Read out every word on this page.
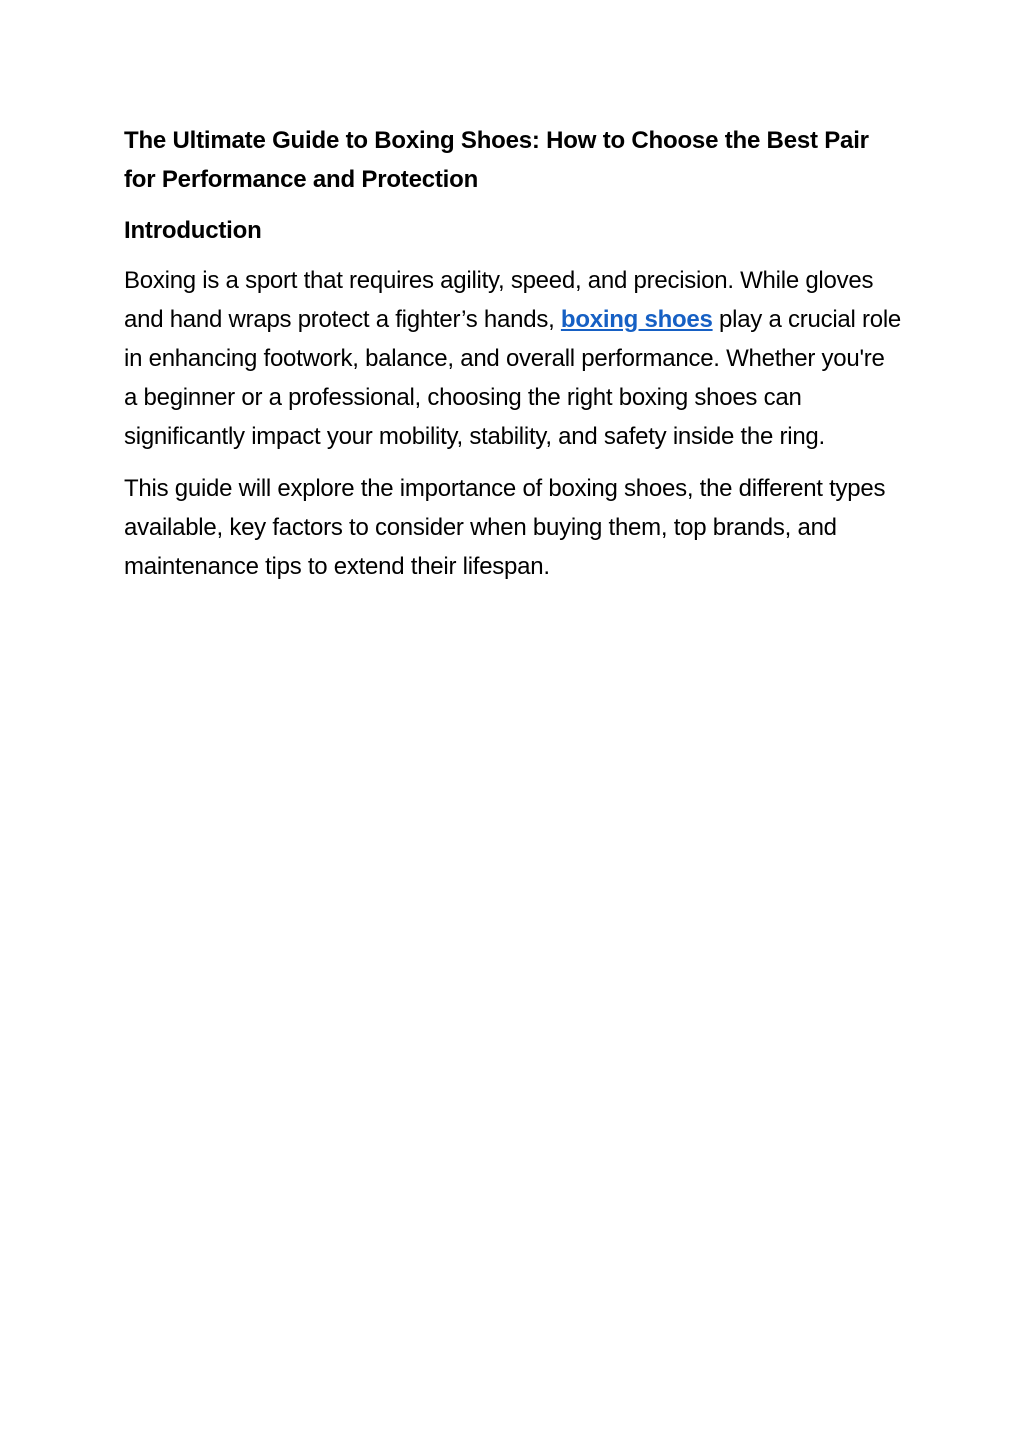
The Ultimate Guide to Boxing Shoes: How to Choose the Best Pair for Performance and Protection
Introduction

Boxing is a sport that requires agility, speed, and precision. While gloves and hand wraps protect a fighter’s hands, boxing shoes play a crucial role in enhancing footwork, balance, and overall performance. Whether you're a beginner or a professional, choosing the right boxing shoes can significantly impact your mobility, stability, and safety inside the ring.

This guide will explore the importance of boxing shoes, the different types available, key factors to consider when buying them, top brands, and maintenance tips to extend their lifespan.
